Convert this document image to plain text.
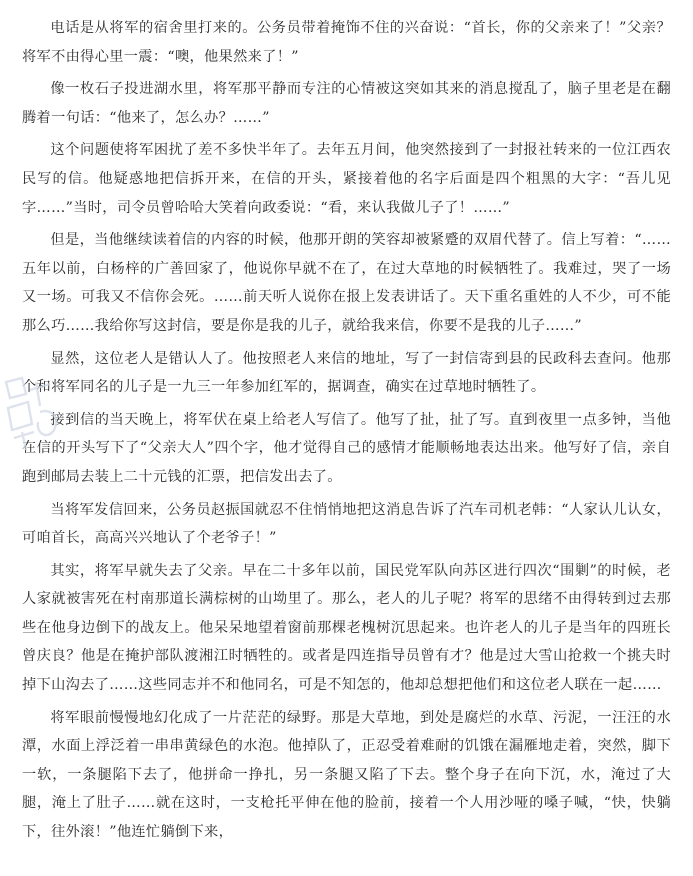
电话是从将军的宿舍里打来的。公务员带着掩饰不住的兴奋说：“首长，你的父亲来了！”父亲？将军不由得心里一震：“噢，他果然来了！”

像一枚石子投进湖水里，将军那平静而专注的心情被这突如其来的消息搅乱了，脑子里老是在翻腾着一句话：“他来了，怎么办？……”

这个问题使将军困扰了差不多快半年了。去年五月间，他突然接到了一封报社转来的一位江西农民写的信。他疑惑地把信拆开来，在信的开头，紧接着他的名字后面是四个粗黑的大字：“吾儿见字……”当时，司令员曾哈哈大笑着向政委说：“看，来认我做儿子了！……”

但是，当他继续读着信的内容的时候，他那开朗的笑容却被紧蹙的双眉代替了。信上写着：“……五年以前，白杨梓的广善回家了，他说你早就不在了，在过大草地的时候牺牲了。我难过，哭了一场又一场。可我又不信你会死。……前天听人说你在报上发表讲话了。天下重名重姓的人不少，可不能那么巧……我给你写这封信，要是你是我的儿子，就给我来信，你要不是我的儿子……”

显然，这位老人是错认人了。他按照老人来信的地址，写了一封信寄到县的民政科去查问。他那个和将军同名的儿子是一九三一年参加红军的，据调查，确实在过草地时牺牲了。

接到信的当天晚上，将军伏在桌上给老人写信了。他写了扯，扯了写。直到夜里一点多钟，当他在信的开头写下了“父亲大人”四个字，他才觉得自己的感情才能顺畅地表达出来。他写好了信，亲自跑到邮局去装上二十元钱的汇票，把信发出去了。

当将军发信回来，公务员赵振国就忍不住悄悄地把这消息告诉了汽车司机老韩：“人家认儿认女，可咱首长，高高兴兴地认了个老爷子！”

其实，将军早就失去了父亲。早在二十多年以前，国民党军队向苏区进行四次“围剿”的时候，老人家就被害死在村南那道长满棕树的山坳里了。那么，老人的儿子呢？将军的思绪不由得转到过去那些在他身边倒下的战友上。他呆呆地望着窗前那棵老槐树沉思起来。也许老人的儿子是当年的四班长曾庆良？他是在掩护部队渡湘江时牺牲的。或者是四连指导员曾有才？他是过大雪山抢救一个挑夫时掉下山沟去了……这些同志并不和他同名，可是不知怎的，他却总想把他们和这位老人联在一起……

将军眼前慢慢地幻化成了一片茫茫的绿野。那是大草地，到处是腐烂的水草、污泥，一汪汪的水潭，水面上浮泛着一串串黄绿色的水泡。他掉队了，正忍受着难耐的饥饿在漏雁地走着，突然，脚下一软，一条腿陷下去了，他拼命一挣扎，另一条腿又陷了下去。整个身子在向下沉，水，淹过了大腿，淹上了肚子……就在这时，一支枪托平伸在他的脸前，接着一个人用沙哑的嗓子喊，“快，快躺下，往外滚！”他连忙躺倒下来，
